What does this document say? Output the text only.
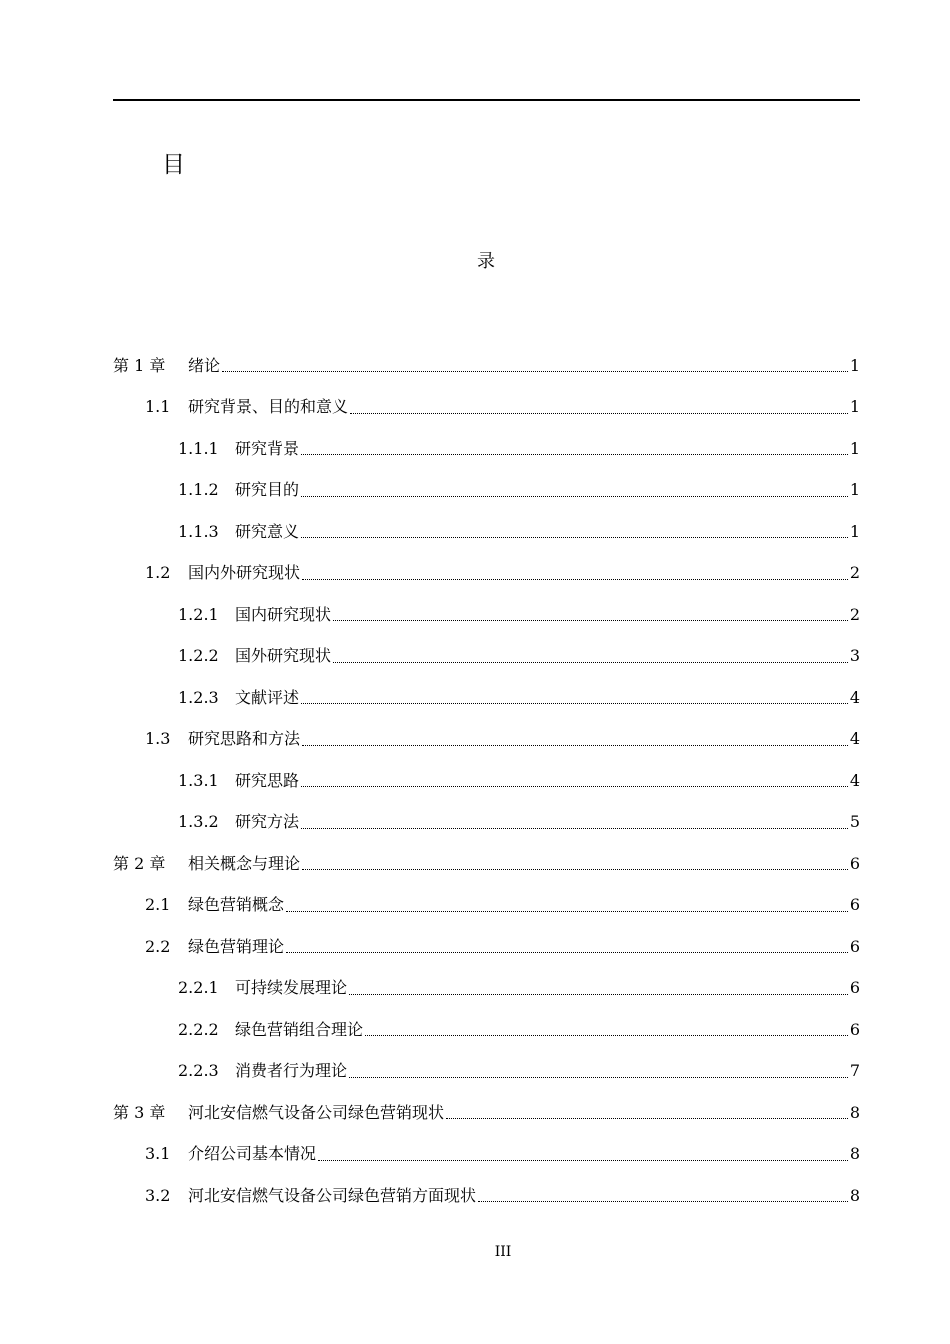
目
录
第 1 章	绪论	1
1.1	研究背景、目的和意义	1
1.1.1	研究背景	1
1.1.2	研究目的	1
1.1.3	研究意义	1
1.2	国内外研究现状	2
1.2.1	国内研究现状	2
1.2.2	国外研究现状	3
1.2.3	文献评述	4
1.3	研究思路和方法	4
1.3.1	研究思路	4
1.3.2	研究方法	5
第 2 章	相关概念与理论	6
2.1	绿色营销概念	6
2.2	绿色营销理论	6
2.2.1	可持续发展理论	6
2.2.2	绿色营销组合理论	6
2.2.3	消费者行为理论	7
第 3 章	河北安信燃气设备公司绿色营销现状	8
3.1	介绍公司基本情况	8
3.2	河北安信燃气设备公司绿色营销方面现状	8
III
